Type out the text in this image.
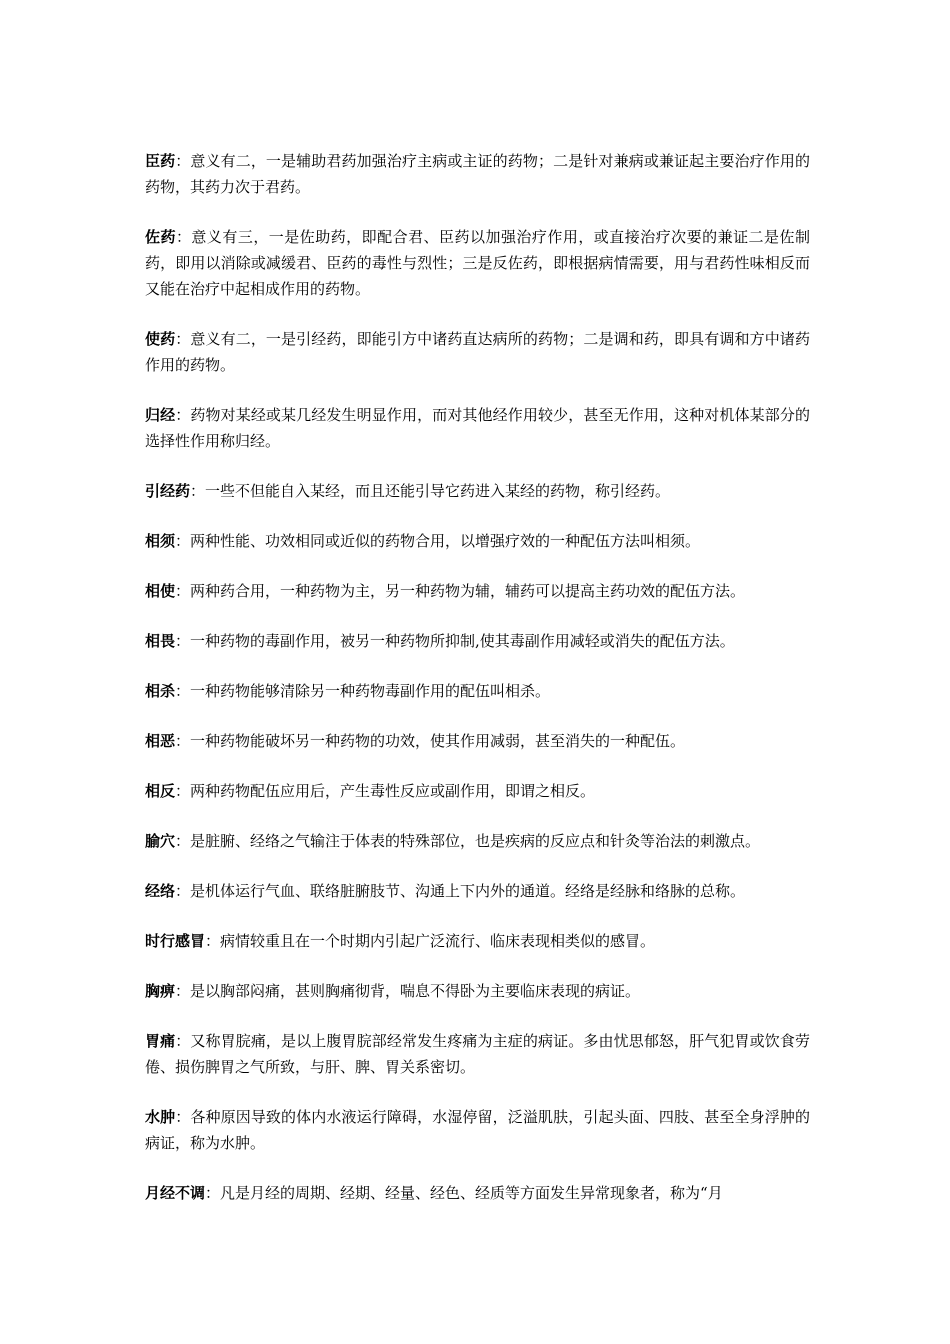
臣药：意义有二，一是辅助君药加强治疗主病或主证的药物；二是针对兼病或兼证起主要治疗作用的药物，其药力次于君药。

佐药：意义有三，一是佐助药，即配合君、臣药以加强治疗作用，或直接治疗次要的兼证二是佐制药，即用以消除或减缓君、臣药的毒性与烈性；三是反佐药，即根据病情需要，用与君药性味相反而又能在治疗中起相成作用的药物。

使药：意义有二，一是引经药，即能引方中诸药直达病所的药物；二是调和药，即具有调和方中诸药作用的药物。

归经：药物对某经或某几经发生明显作用，而对其他经作用较少，甚至无作用，这种对机体某部分的选择性作用称归经。

引经药：一些不但能自入某经，而且还能引导它药进入某经的药物，称引经药。

相须：两种性能、功效相同或近似的药物合用，以增强疗效的一种配伍方法叫相须。

相使：两种药合用，一种药物为主，另一种药物为辅，辅药可以提高主药功效的配伍方法。

相畏：一种药物的毒副作用，被另一种药物所抑制,使其毒副作用减轻或消失的配伍方法。

相杀：一种药物能够清除另一种药物毒副作用的配伍叫相杀。

相恶：一种药物能破坏另一种药物的功效，使其作用减弱，甚至消失的一种配伍。

相反：两种药物配伍应用后，产生毒性反应或副作用，即谓之相反。

腧穴：是脏腑、经络之气输注于体表的特殊部位，也是疾病的反应点和针灸等治法的刺激点。

经络：是机体运行气血、联络脏腑肢节、沟通上下内外的通道。经络是经脉和络脉的总称。

时行感冒：病情较重且在一个时期内引起广泛流行、临床表现相类似的感冒。

胸痹：是以胸部闷痛，甚则胸痛彻背，喘息不得卧为主要临床表现的病证。

胃痛：又称胃脘痛，是以上腹胃脘部经常发生疼痛为主症的病证。多由忧思郁怒，肝气犯胃或饮食劳倦、损伤脾胃之气所致，与肝、脾、胃关系密切。

水肿：各种原因导致的体内水液运行障碍，水湿停留，泛溢肌肤，引起头面、四肢、甚至全身浮肿的病证，称为水肿。

月经不调：凡是月经的周期、经期、经量、经色、经质等方面发生异常现象者，称为“月
